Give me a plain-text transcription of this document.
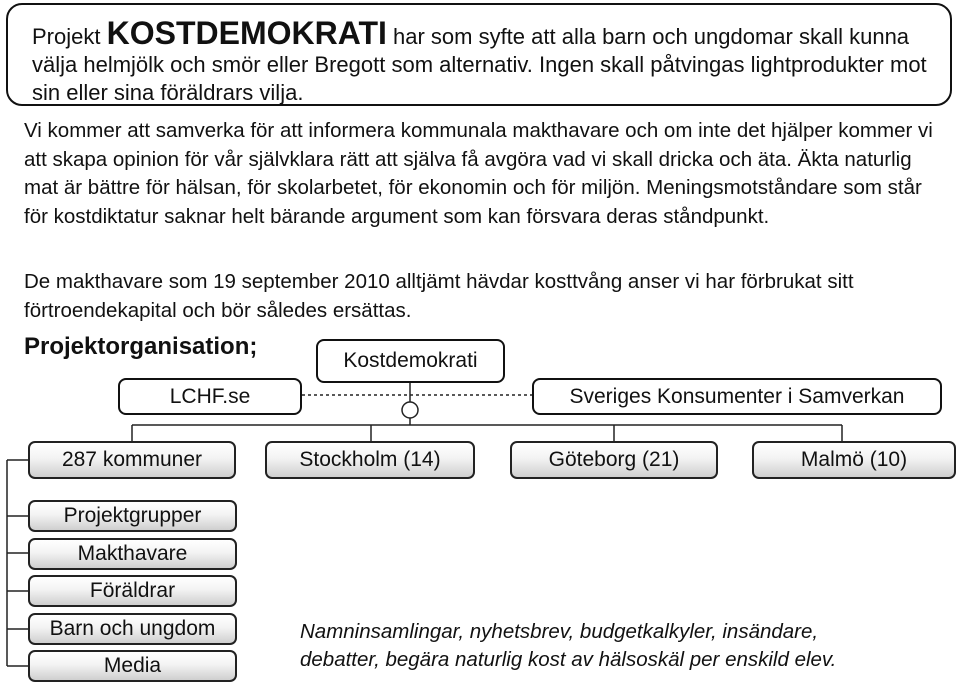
Projekt KOSTDEMOKRATI har som syfte att alla barn och ungdomar skall kunna välja helmjölk och smör eller Bregott som alternativ. Ingen skall påtvingas lightprodukter mot sin eller sina föräldrars vilja.
Vi kommer att samverka för att informera kommunala makthavare och om inte det hjälper kommer vi att skapa opinion för vår självklara rätt att själva få avgöra vad vi skall dricka och äta. Äkta naturlig mat är bättre för hälsan, för skolarbetet, för ekonomin och för miljön. Meningsmotståndare som står för kostdiktatur saknar helt bärande argument som kan försvara deras ståndpunkt.
De makthavare som 19 september 2010 alltjämt hävdar kosttvång anser vi har förbrukat sitt förtroendekapital och bör således ersättas.
Projektorganisation;
Kostdemokrati
LCHF.se	Sveriges Konsumenter i Samverkan
287 kommuner	Stockholm (14)	Göteborg (21)	Malmö (10)
Projektgrupper
Makthavare
Föräldrar
Barn och ungdom
Media
Namninsamlingar, nyhetsbrev, budgetkalkyler, insändare,
debatter, begära naturlig kost av hälsoskäl per enskild elev.
